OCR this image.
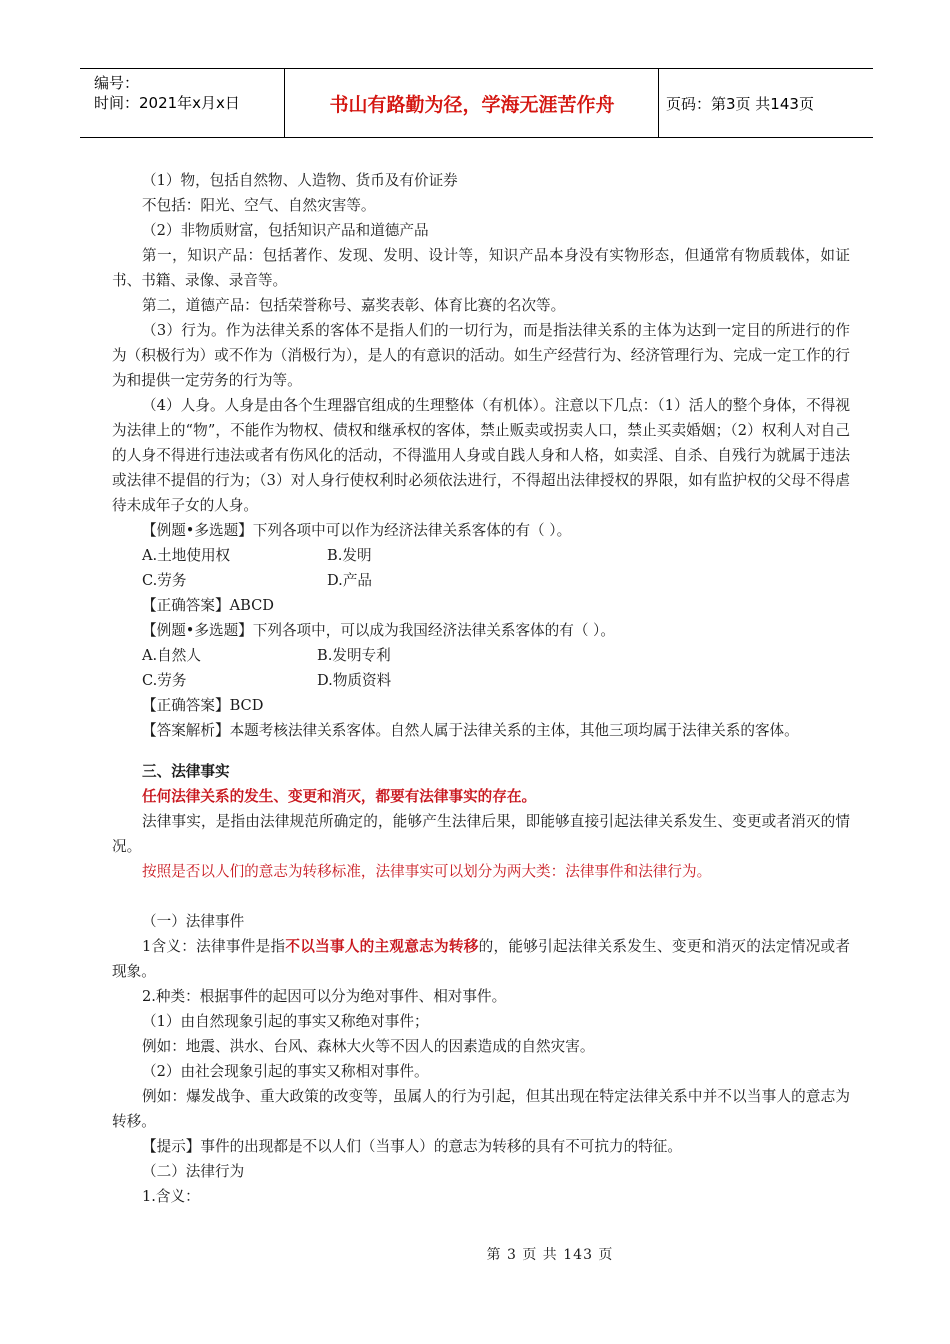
编号：
时间：2021年x月x日	书山有路勤为径，学海无涯苦作舟	页码：第3页 共143页

（1）物，包括自然物、人造物、货币及有价证券

不包括：阳光、空气、自然灾害等。

（2）非物质财富，包括知识产品和道德产品

第一，知识产品：包括著作、发现、发明、设计等，知识产品本身没有实物形态，但通常有物质载体，如证书、书籍、录像、录音等。

第二，道德产品：包括荣誉称号、嘉奖表彰、体育比赛的名次等。

（3）行为。作为法律关系的客体不是指人们的一切行为，而是指法律关系的主体为达到一定目的所进行的作为（积极行为）或不作为（消极行为），是人的有意识的活动。如生产经营行为、经济管理行为、完成一定工作的行为和提供一定劳务的行为等。

（4）人身。人身是由各个生理器官组成的生理整体（有机体）。注意以下几点：（1）活人的整个身体，不得视为法律上的“物”，不能作为物权、债权和继承权的客体，禁止贩卖或拐卖人口，禁止买卖婚姻；（2）权利人对自己的人身不得进行违法或者有伤风化的活动，不得滥用人身或自践人身和人格，如卖淫、自杀、自残行为就属于违法或法律不提倡的行为；（3）对人身行使权利时必须依法进行，不得超出法律授权的界限，如有监护权的父母不得虐待未成年子女的人身。

【例题•多选题】下列各项中可以作为经济法律关系客体的有（ ）。

A.土地使用权	B.发明
C.劳务	D.产品

【正确答案】ABCD

【例题•多选题】下列各项中，可以成为我国经济法律关系客体的有（ ）。

A.自然人	B.发明专利
C.劳务	D.物质资料

【正确答案】BCD

【答案解析】本题考核法律关系客体。自然人属于法律关系的主体，其他三项均属于法律关系的客体。

三、法律事实

任何法律关系的发生、变更和消灭，都要有法律事实的存在。

法律事实，是指由法律规范所确定的，能够产生法律后果，即能够直接引起法律关系发生、变更或者消灭的情况。

按照是否以人们的意志为转移标准，法律事实可以划分为两大类：法律事件和法律行为。

（一）法律事件

1含义：法律事件是指不以当事人的主观意志为转移的，能够引起法律关系发生、变更和消灭的法定情况或者现象。

2.种类：根据事件的起因可以分为绝对事件、相对事件。

（1）由自然现象引起的事实又称绝对事件；

例如：地震、洪水、台风、森林大火等不因人的因素造成的自然灾害。

（2）由社会现象引起的事实又称相对事件。

例如：爆发战争、重大政策的改变等，虽属人的行为引起，但其出现在特定法律关系中并不以当事人的意志为转移。

【提示】事件的出现都是不以人们（当事人）的意志为转移的具有不可抗力的特征。

（二）法律行为

1.含义：

第 3 页 共 143 页
